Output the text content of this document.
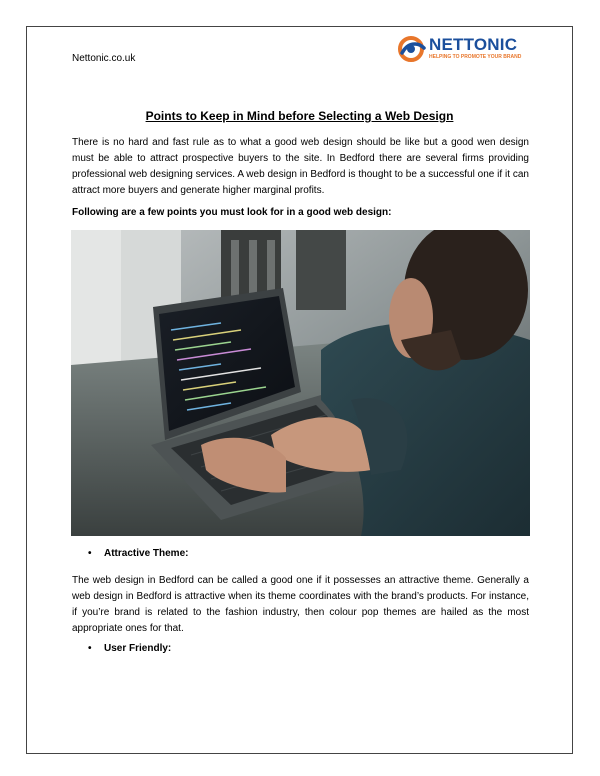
Nettonic.co.uk
NETTONIC
HELPING TO PROMOTE YOUR BRAND
Points to Keep in Mind before Selecting a Web Design

There is no hard and fast rule as to what a good web design should be like but a good wen design must be able to attract prospective buyers to the site. In Bedford there are several firms providing professional web designing services. A web design in Bedford is thought to be a successful one if it can attract more buyers and generate higher marginal profits.

Following are a few points you must look for in a good web design:
• Attractive Theme:

The web design in Bedford can be called a good one if it possesses an attractive theme. Generally a web design in Bedford is attractive when its theme coordinates with the brand’s products. For instance, if you’re brand is related to the fashion industry, then colour pop themes are hailed as the most appropriate ones for that.

• User Friendly:
